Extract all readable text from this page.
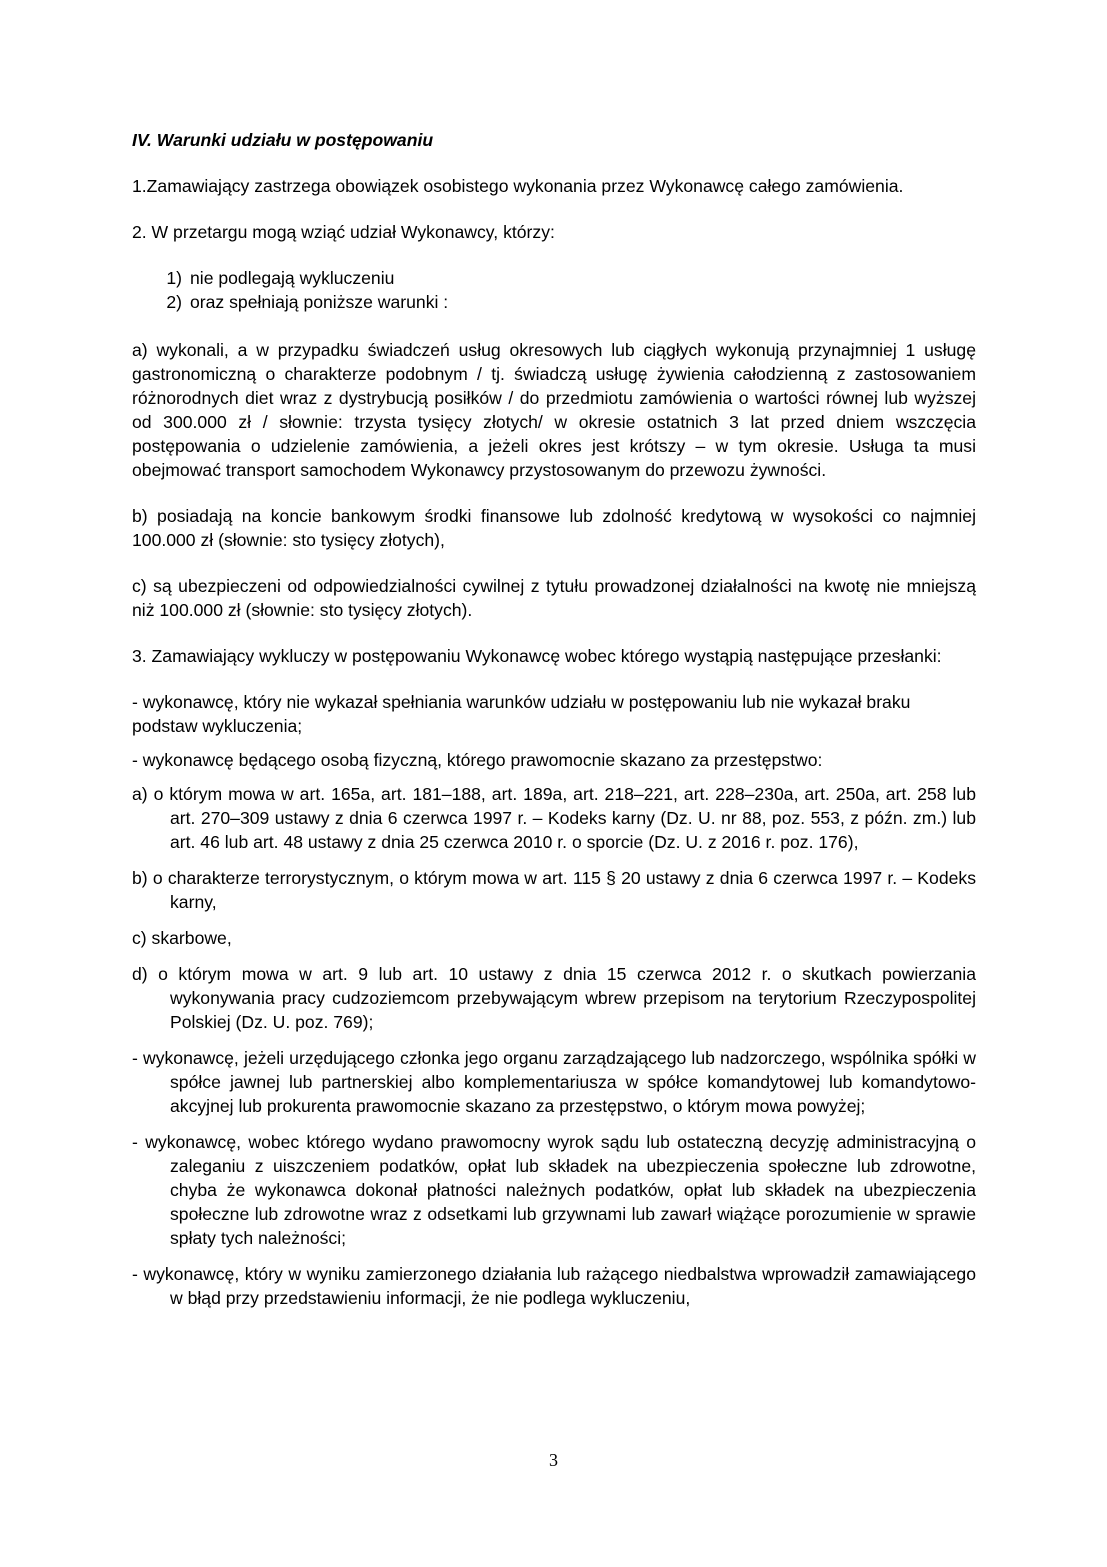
IV. Warunki udziału w postępowaniu
1.Zamawiający zastrzega obowiązek osobistego wykonania przez Wykonawcę całego zamówienia.
2. W przetargu mogą wziąć udział Wykonawcy, którzy:
1) nie podlegają wykluczeniu
2) oraz spełniają poniższe warunki :
a) wykonali, a w przypadku świadczeń usług okresowych lub ciągłych wykonują przynajmniej 1 usługę gastronomiczną o charakterze podobnym / tj. świadczą usługę żywienia całodzienną z zastosowaniem różnorodnych diet wraz z dystrybucją posiłków / do przedmiotu zamówienia o wartości równej lub wyższej od 300.000 zł / słownie: trzysta tysięcy złotych/ w okresie ostatnich 3 lat przed dniem wszczęcia postępowania o udzielenie zamówienia, a jeżeli okres jest krótszy – w tym okresie. Usługa ta musi obejmować transport samochodem Wykonawcy przystosowanym do przewozu żywności.
b) posiadają na koncie bankowym środki finansowe lub zdolność kredytową w wysokości co najmniej 100.000 zł (słownie: sto tysięcy złotych),
c) są ubezpieczeni od odpowiedzialności cywilnej z tytułu prowadzonej działalności na kwotę nie mniejszą niż 100.000 zł (słownie: sto tysięcy złotych).
3. Zamawiający wykluczy w postępowaniu Wykonawcę wobec którego wystąpią następujące przesłanki:
- wykonawcę, który nie wykazał spełniania warunków udziału w postępowaniu lub nie wykazał braku podstaw wykluczenia;
- wykonawcę będącego osobą fizyczną, którego prawomocnie skazano za przestępstwo:
a) o którym mowa w art. 165a, art. 181–188, art. 189a, art. 218–221, art. 228–230a, art. 250a, art. 258 lub art. 270–309 ustawy z dnia 6 czerwca 1997 r. – Kodeks karny (Dz. U. nr 88, poz. 553, z późn. zm.) lub art. 46 lub art. 48 ustawy z dnia 25 czerwca 2010 r. o sporcie (Dz. U. z 2016 r. poz. 176),
b) o charakterze terrorystycznym, o którym mowa w art. 115 § 20 ustawy z dnia 6 czerwca 1997 r. – Kodeks karny,
c) skarbowe,
d) o którym mowa w art. 9 lub art. 10 ustawy z dnia 15 czerwca 2012 r. o skutkach powierzania wykonywania pracy cudzoziemcom przebywającym wbrew przepisom na terytorium Rzeczypospolitej Polskiej (Dz. U. poz. 769);
- wykonawcę, jeżeli urzędującego członka jego organu zarządzającego lub nadzorczego, wspólnika spółki w spółce jawnej lub partnerskiej albo komplementariusza w spółce komandytowej lub komandytowo-akcyjnej lub prokurenta prawomocnie skazano za przestępstwo, o którym mowa powyżej;
- wykonawcę, wobec którego wydano prawomocny wyrok sądu lub ostateczną decyzję administracyjną o zaleganiu z uiszczeniem podatków, opłat lub składek na ubezpieczenia społeczne lub zdrowotne, chyba że wykonawca dokonał płatności należnych podatków, opłat lub składek na ubezpieczenia społeczne lub zdrowotne wraz z odsetkami lub grzywnami lub zawarł wiążące porozumienie w sprawie spłaty tych należności;
- wykonawcę, który w wyniku zamierzonego działania lub rażącego niedbalstwa wprowadził zamawiającego w błąd przy przedstawieniu informacji, że nie podlega wykluczeniu,
3
